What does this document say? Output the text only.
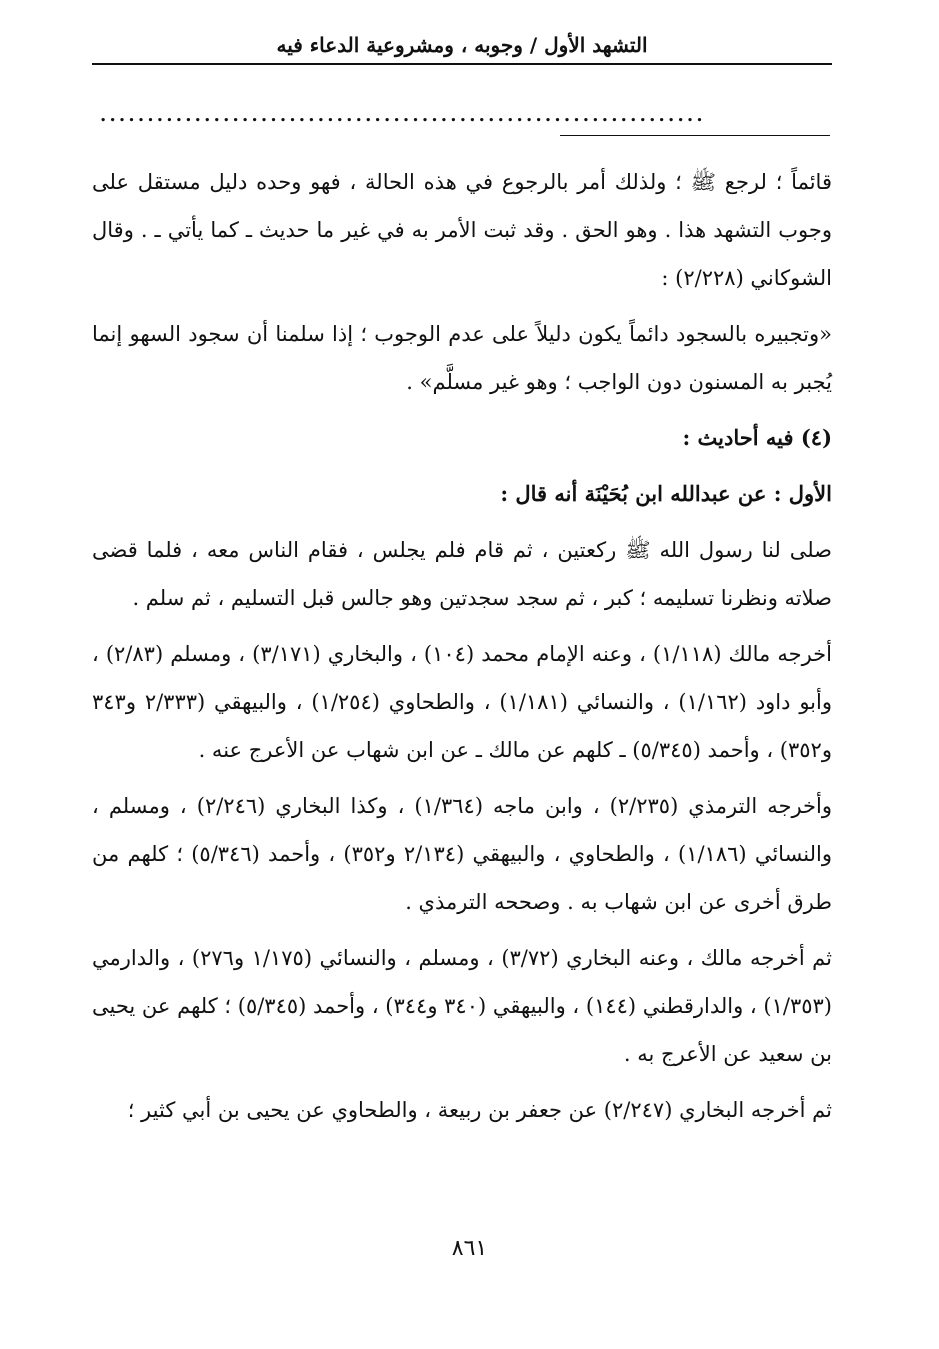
التشهد الأول / وجوبه ، ومشروعية الدعاء فيه
................................................................

قائماً ؛ لرجع ﷺ ؛ ولذلك أمر بالرجوع في هذه الحالة ، فهو وحده دليل مستقل على وجوب التشهد هذا . وهو الحق . وقد ثبت الأمر به في غير ما حديث ـ كما يأتي ـ . وقال الشوكاني (٢/٢٢٨) :

«وتجبيره بالسجود دائماً يكون دليلاً على عدم الوجوب ؛ إذا سلمنا أن سجود السهو إنما يُجبر به المسنون دون الواجب ؛ وهو غير مسلَّم» .

(٤) فيه أحاديث :

الأول : عن عبدالله ابن بُحَيْنَة أنه قال :

صلى لنا رسول الله ﷺ ركعتين ، ثم قام فلم يجلس ، فقام الناس معه ، فلما قضى صلاته ونظرنا تسليمه ؛ كبر ، ثم سجد سجدتين وهو جالس قبل التسليم ، ثم سلم .

أخرجه مالك (١/١١٨) ، وعنه الإمام محمد (١٠٤) ، والبخاري (٣/١٧١) ، ومسلم (٢/٨٣) ، وأبو داود (١/١٦٢) ، والنسائي (١/١٨١) ، والطحاوي (١/٢٥٤) ، والبيهقي (٢/٣٣٣ و٣٤٣ و٣٥٢) ، وأحمد (٥/٣٤٥) ـ كلهم عن مالك ـ عن ابن شهاب عن الأعرج عنه .

وأخرجه الترمذي (٢/٢٣٥) ، وابن ماجه (١/٣٦٤) ، وكذا البخاري (٢/٢٤٦) ، ومسلم ، والنسائي (١/١٨٦) ، والطحاوي ، والبيهقي (٢/١٣٤ و٣٥٢) ، وأحمد (٥/٣٤٦) ؛ كلهم من طرق أخرى عن ابن شهاب به . وصححه الترمذي .

ثم أخرجه مالك ، وعنه البخاري (٣/٧٢) ، ومسلم ، والنسائي (١/١٧٥ و٢٧٦) ، والدارمي (١/٣٥٣) ، والدارقطني (١٤٤) ، والبيهقي (٣٤٠ و٣٤٤) ، وأحمد (٥/٣٤٥) ؛ كلهم عن يحيى بن سعيد عن الأعرج به .

ثم أخرجه البخاري (٢/٢٤٧) عن جعفر بن ربيعة ، والطحاوي عن يحيى بن أبي كثير ؛

٨٦١
